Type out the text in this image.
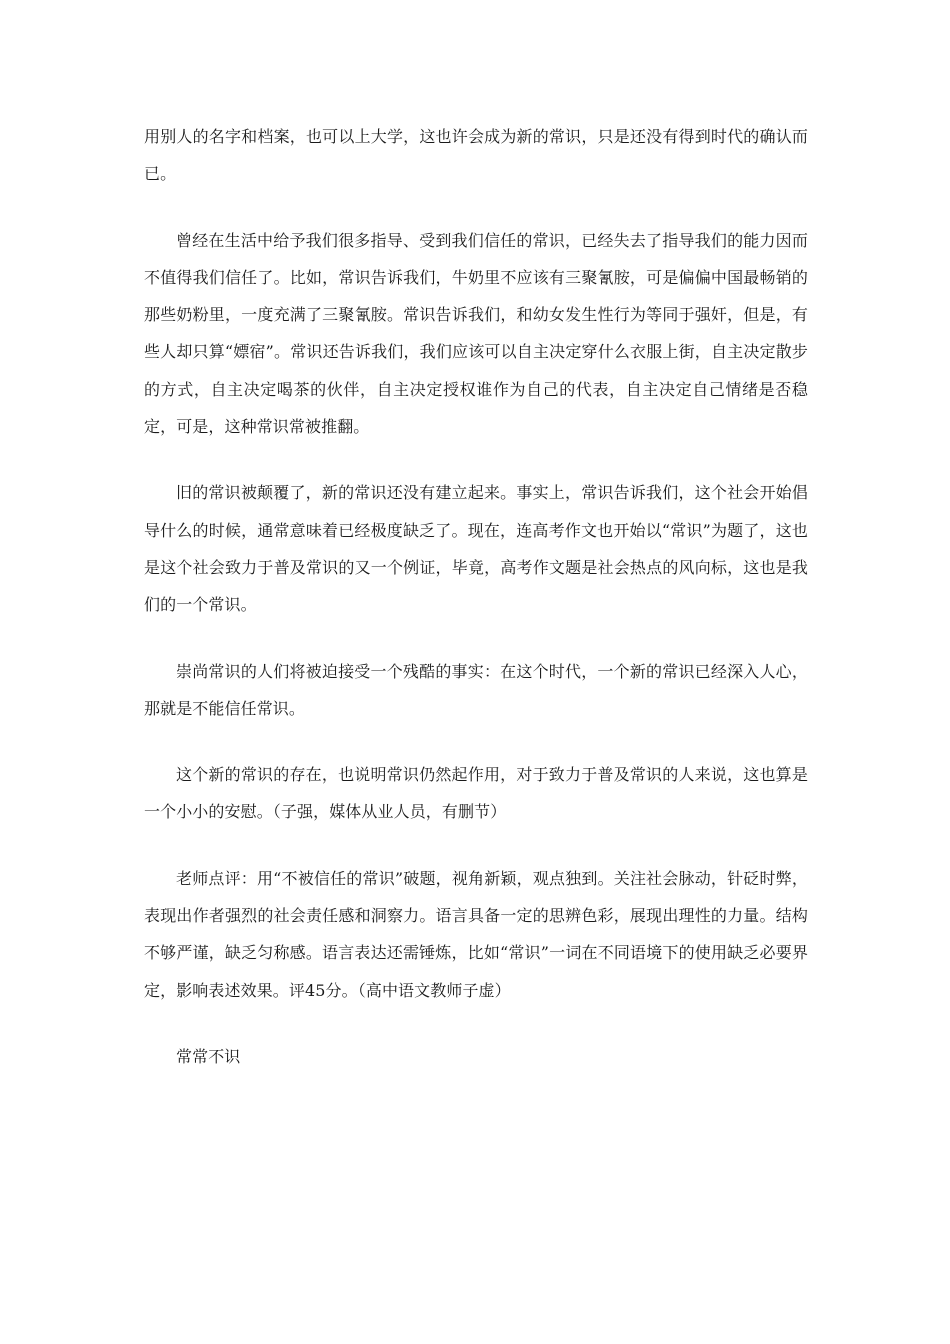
用别人的名字和档案，也可以上大学，这也许会成为新的常识，只是还没有得到时代的确认而已。

曾经在生活中给予我们很多指导、受到我们信任的常识，已经失去了指导我们的能力因而不值得我们信任了。比如，常识告诉我们，牛奶里不应该有三聚氰胺，可是偏偏中国最畅销的那些奶粉里，一度充满了三聚氰胺。常识告诉我们，和幼女发生性行为等同于强奸，但是，有些人却只算“嫖宿”。常识还告诉我们，我们应该可以自主决定穿什么衣服上街，自主决定散步的方式，自主决定喝茶的伙伴，自主决定授权谁作为自己的代表，自主决定自己情绪是否稳定，可是，这种常识常被推翻。

旧的常识被颠覆了，新的常识还没有建立起来。事实上，常识告诉我们，这个社会开始倡导什么的时候，通常意味着已经极度缺乏了。现在，连高考作文也开始以“常识”为题了，这也是这个社会致力于普及常识的又一个例证，毕竟，高考作文题是社会热点的风向标，这也是我们的一个常识。

崇尚常识的人们将被迫接受一个残酷的事实：在这个时代，一个新的常识已经深入人心，那就是不能信任常识。

这个新的常识的存在，也说明常识仍然起作用，对于致力于普及常识的人来说，这也算是一个小小的安慰。（子强，媒体从业人员，有删节）

老师点评：用“不被信任的常识”破题，视角新颖，观点独到。关注社会脉动，针砭时弊，表现出作者强烈的社会责任感和洞察力。语言具备一定的思辨色彩，展现出理性的力量。结构不够严谨，缺乏匀称感。语言表达还需锤炼，比如“常识”一词在不同语境下的使用缺乏必要界定，影响表述效果。评45分。（高中语文教师子虚）

常常不识
